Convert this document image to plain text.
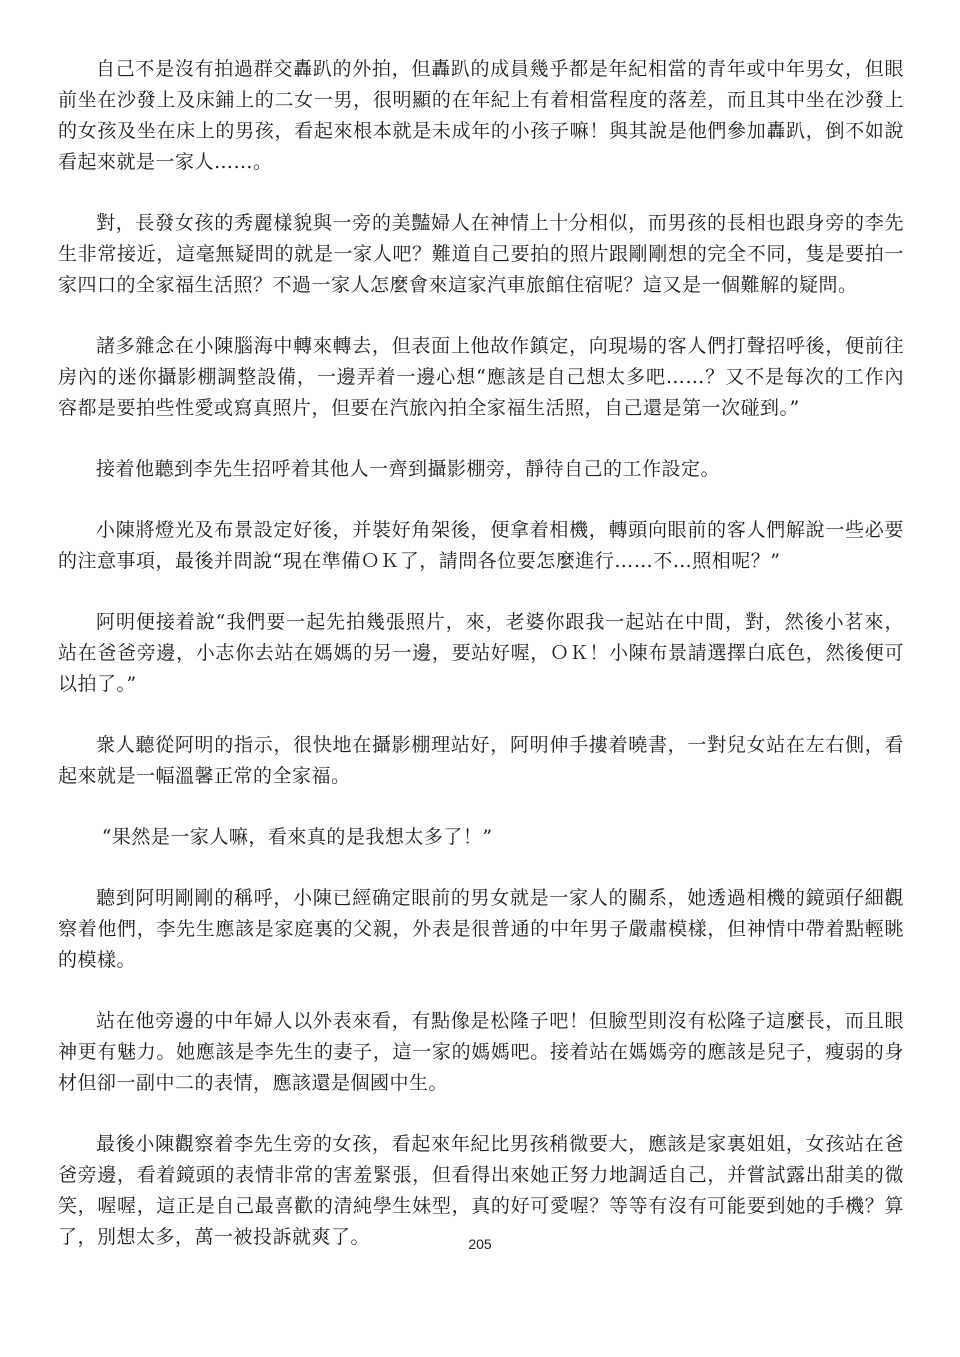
自己不是沒有拍過群交轟趴的外拍，但轟趴的成員幾乎都是年紀相當的青年或中年男女，但眼前坐在沙發上及床鋪上的二女一男，很明顯的在年紀上有着相當程度的落差，而且其中坐在沙發上的女孩及坐在床上的男孩，看起來根本就是未成年的小孩子嘛！與其說是他們參加轟趴，倒不如說看起來就是一家人……。

對，長發女孩的秀麗樣貌與一旁的美豔婦人在神情上十分相似，而男孩的長相也跟身旁的李先生非常接近，這毫無疑問的就是一家人吧？難道自己要拍的照片跟剛剛想的完全不同，隻是要拍一家四口的全家福生活照？不過一家人怎麼會來這家汽車旅館住宿呢？這又是一個難解的疑問。

諸多雜念在小陳腦海中轉來轉去，但表面上他故作鎮定，向現場的客人們打聲招呼後，便前往房內的迷你攝影棚調整設備，一邊弄着一邊心想“應該是自己想太多吧……？又不是每次的工作內容都是要拍些性愛或寫真照片，但要在汽旅內拍全家福生活照，自己還是第一次碰到。”

接着他聽到李先生招呼着其他人一齊到攝影棚旁，靜待自己的工作設定。

小陳將燈光及布景設定好後，并裝好角架後，便拿着相機，轉頭向眼前的客人們解說一些必要的注意事項，最後并問說“現在準備ＯＫ了，請問各位要怎麼進行……不…照相呢？”

阿明便接着說“我們要一起先拍幾張照片，來，老婆你跟我一起站在中間，對，然後小茗來，站在爸爸旁邊，小志你去站在媽媽的另一邊，要站好喔，ＯＫ！小陳布景請選擇白底色，然後便可以拍了。”

衆人聽從阿明的指示，很快地在攝影棚理站好，阿明伸手摟着曉書，一對兒女站在左右側，看起來就是一幅溫馨正常的全家福。

“果然是一家人嘛，看來真的是我想太多了！”

聽到阿明剛剛的稱呼，小陳已經确定眼前的男女就是一家人的關系，她透過相機的鏡頭仔細觀察着他們，李先生應該是家庭裏的父親，外表是很普通的中年男子嚴肅模樣，但神情中帶着點輕眺的模樣。

站在他旁邊的中年婦人以外表來看，有點像是松隆子吧！但臉型則沒有松隆子這麼長，而且眼神更有魅力。她應該是李先生的妻子，這一家的媽媽吧。接着站在媽媽旁的應該是兒子，瘦弱的身材但卻一副中二的表情，應該還是個國中生。

最後小陳觀察着李先生旁的女孩，看起來年紀比男孩稍微要大，應該是家裏姐姐，女孩站在爸爸旁邊，看着鏡頭的表情非常的害羞緊張，但看得出來她正努力地調适自己，并嘗試露出甜美的微笑，喔喔，這正是自己最喜歡的清純學生妹型，真的好可愛喔？等等有沒有可能要到她的手機？算了，別想太多，萬一被投訴就爽了。	205
